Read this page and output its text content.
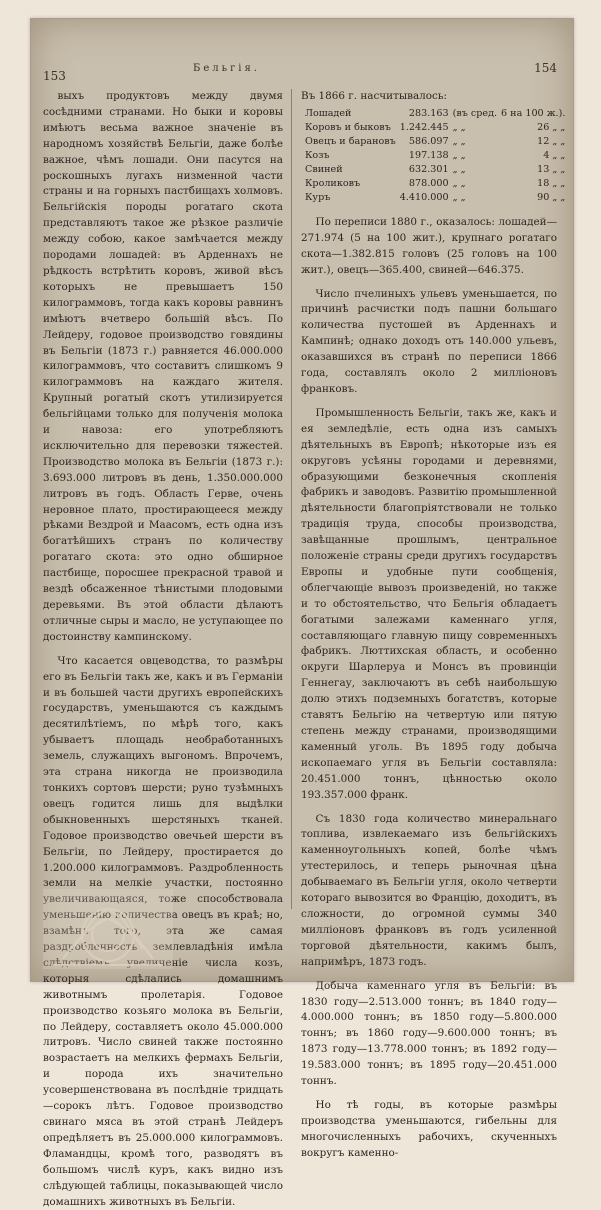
153
Бельгія.	154

выхъ продуктовъ между двумя сосѣдними странами. Но быки и коровы имѣютъ весьма важное значеніе въ народномъ хозяйствѣ Бельгіи, даже болѣе важное, чѣмъ лошади. Они пасутся на роскошныхъ лугахъ низменной части страны и на горныхъ пастбищахъ холмовъ. Бельгійскія породы рогатаго скота представляютъ такое же рѣзкое различіе между собою, какое замѣчается между породами лошадей: въ Арденнахъ не рѣдкость встрѣтить коровъ, живой вѣсъ которыхъ не превышаетъ 150 килограммовъ, тогда какъ коровы равнинъ имѣютъ вчетверо большій вѣсъ. По Лейдеру, годовое производство говядины въ Бельгіи (1873 г.) равняется 46.000.000 килограммовъ, что составитъ слишкомъ 9 килограммовъ на каждаго жителя. Крупный рогатый скотъ утилизируется бельгійцами только для полученія молока и навоза: его употребляютъ исключительно для перевозки тяжестей. Производство молока въ Бельгіи (1873 г.): 3.693.000 литровъ въ день, 1.350.000.000 литровъ въ годъ. Область Гервe, очень неровное плато, простирающееся между рѣками Вездрой и Маасомъ, есть одна изъ богатѣйшихъ странъ по количеству рогатаго скота: это одно обширное пастбище, поросшее прекрасной травой и вездѣ обсаженное тѣнистыми плодовыми деревьями. Въ этой области дѣлаютъ отличные сыры и масло, не уступающее по достоинству кампинскому.

Что касается овцеводства, то размѣры его въ Бельгіи такъ же, какъ и въ Германіи и въ большей части другихъ европейскихъ государствъ, уменьшаются съ каждымъ десятилѣтіемъ, по мѣрѣ того, какъ убываетъ площадь необработанныхъ земель, служащихъ выгономъ. Впрочемъ, эта страна никогда не производила тонкихъ сортовъ шерсти; руно тузѣмныхъ овецъ годится лишь для выдѣлки обыкновенныхъ шерстяныхъ тканей. Годовое производство овечьей шерсти въ Бельгіи, по Лейдеру, простирается до 1.200.000 килограммовъ. Раздробленность земли на мелкіе участки, постоянно увеличивающаяся, тоже способствовала уменьшенію количества овецъ въ краѣ; но, взамѣнъ того, эта же самая раздробленность землевладѣнія имѣла слѣдствіемъ увеличеніе числа козъ, которыя сдѣлались домашнимъ животнымъ пролетарія. Годовое производство козьяго молока въ Бельгіи, по Лейдеру, составляетъ около 45.000.000 литровъ. Число свиней также постоянно возрастаетъ на мелкихъ фермахъ Бельгіи, и порода ихъ значительно усовершенствована въ послѣдніе тридцать—сорокъ лѣтъ. Годовое производство свинаго мяса въ этой странѣ Лейдеръ опредѣляетъ въ 25.000.000 килограммовъ. Фламандцы, кромѣ того, разводятъ въ большомъ числѣ куръ, какъ видно изъ слѣдующей таблицы, показывающей число домашнихъ животныхъ въ Бельгіи.

Въ 1866 г. насчитывалось:

Лошадей	283.163	(въ сред.	6 на 100 ж.).
Коровъ и быковъ	1.242.445	„ „	26 „ „
Овецъ и барановъ	586.097	„ „	12 „ „
Козъ	197.138	„ „	4 „ „
Свиней	632.301	„ „	13 „ „
Кроликовъ	878.000	„ „	18 „ „
Куръ	4.410.000	„ „	90 „ „

По переписи 1880 г., оказалось: лошадей—271.974 (5 на 100 жит.), крупнаго рогатаго скота—1.382.815 головъ (25 головъ на 100 жит.), овецъ—365.400, свиней—646.375.

Число пчелиныхъ ульевъ уменьшается, по причинѣ расчистки подъ пашни большаго количества пустошей въ Арденнахъ и Кампинѣ; однако доходъ отъ 140.000 ульевъ, оказавшихся въ странѣ по переписи 1866 года, составлялъ около 2 милліоновъ франковъ.

Промышленность Бельгіи, такъ же, какъ и ея земледѣліе, есть одна изъ самыхъ дѣятельныхъ въ Европѣ; нѣкоторые изъ ея округовъ усѣяны городами и деревнями, образующими безконечныя скопленія фабрикъ и заводовъ. Развитію промышленной дѣятельности благопріятствовали не только традиція труда, способы производства, завѣщанные прошлымъ, центральное положеніе страны среди другихъ государствъ Европы и удобные пути сообщенія, облегчающіе вывозъ произведеній, но также и то обстоятельство, что Бельгія обладаетъ богатыми залежами каменнаго угля, составляющаго главную пищу современныхъ фабрикъ. Люттихская область, и особенно округи Шарлеруа и Монсъ въ провинціи Геннегау, заключаютъ въ себѣ наибольшую долю этихъ подземныхъ богатствъ, которые ставятъ Бельгію на четвертую или пятую степень между странами, производящими каменный уголь. Въ 1895 году добыча ископаемаго угля въ Бельгіи составляла: 20.451.000 тоннъ, цѣнностью около 193.357.000 франк.

Съ 1830 года количество минеральнаго топлива, извлекаемаго изъ бельгійскихъ каменноугольныхъ копей, болѣе чѣмъ утестерилось, и теперь рыночная цѣна добываемаго въ Бельгіи угля, около четверти котораго вывозится во Францію, доходитъ, въ сложности, до огромной суммы 340 милліоновъ франковъ въ годъ усиленной торговой дѣятельности, какимъ былъ, напримѣръ, 1873 годъ.

Добыча каменнаго угля въ Бельгіи: въ 1830 году—2.513.000 тоннъ; въ 1840 году—4.000.000 тоннъ; въ 1850 году—5.800.000 тоннъ; въ 1860 году—9.600.000 тоннъ; въ 1873 году—13.778.000 тоннъ; въ 1892 году—19.583.000 тоннъ; въ 1895 году—20.451.000 тоннъ.

Но тѣ годы, въ которые размѣры производства уменьшаются, гибельны для многочисленныхъ рабочихъ, скученныхъ вокругъ каменно-
